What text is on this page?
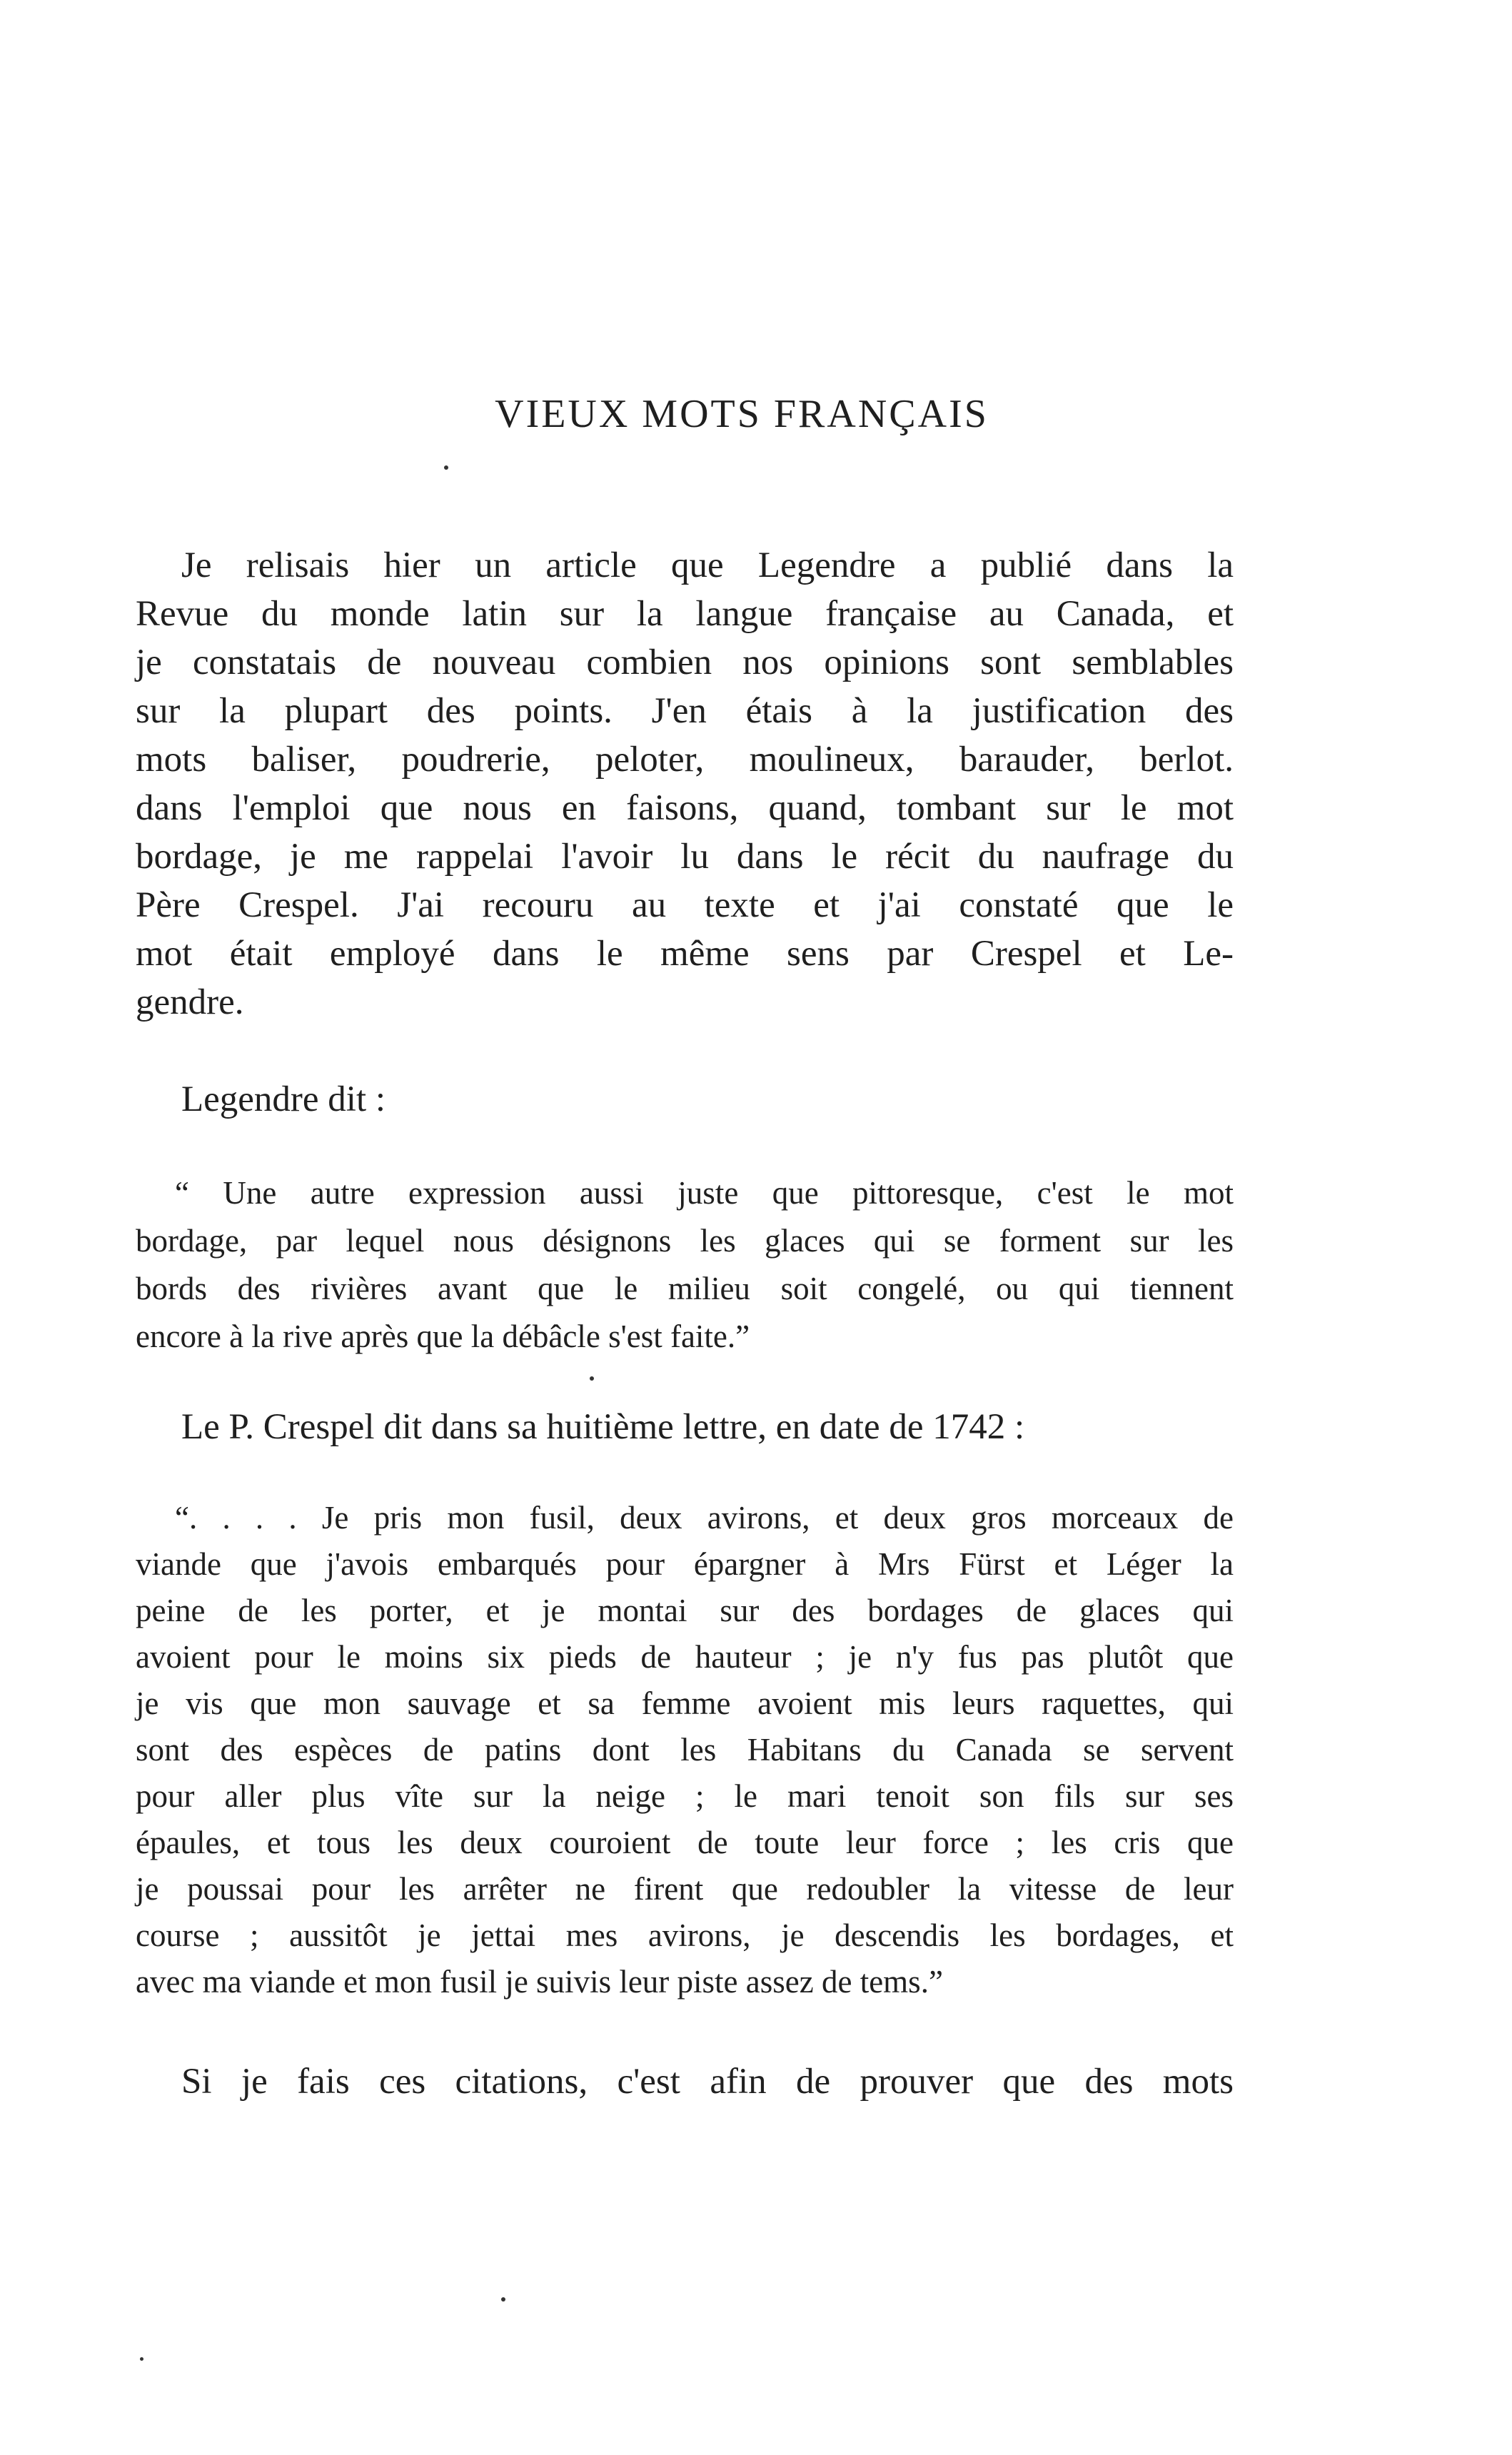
VIEUX MOTS FRANÇAIS
Je relisais hier un article que Legendre a publié dans la
Revue du monde latin sur la langue française au Canada, et
je constatais de nouveau combien nos opinions sont semblables
sur la plupart des points. J'en étais à la justification des
mots baliser, poudrerie, peloter, moulineux, barauder, berlot.
dans l'emploi que nous en faisons, quand, tombant sur le mot
bordage, je me rappelai l'avoir lu dans le récit du naufrage du
Père Crespel. J'ai recouru au texte et j'ai constaté que le
mot était employé dans le même sens par Crespel et Le-
gendre.
Legendre dit :
“ Une autre expression aussi juste que pittoresque, c'est le mot
bordage, par lequel nous désignons les glaces qui se forment sur les
bords des rivières avant que le milieu soit congelé, ou qui tiennent
encore à la rive après que la débâcle s'est faite.”
Le P. Crespel dit dans sa huitième lettre, en date de 1742 :
“. . . . Je pris mon fusil, deux avirons, et deux gros morceaux de
viande que j'avois embarqués pour épargner à Mrs Fürst et Léger la
peine de les porter, et je montai sur des bordages de glaces qui
avoient pour le moins six pieds de hauteur ; je n'y fus pas plutôt que
je vis que mon sauvage et sa femme avoient mis leurs raquettes, qui
sont des espèces de patins dont les Habitans du Canada se servent
pour aller plus vîte sur la neige ; le mari tenoit son fils sur ses
épaules, et tous les deux couroient de toute leur force ; les cris que
je poussai pour les arrêter ne firent que redoubler la vitesse de leur
course ; aussitôt je jettai mes avirons, je descendis les bordages, et
avec ma viande et mon fusil je suivis leur piste assez de tems.”
Si je fais ces citations, c'est afin de prouver que des mots
